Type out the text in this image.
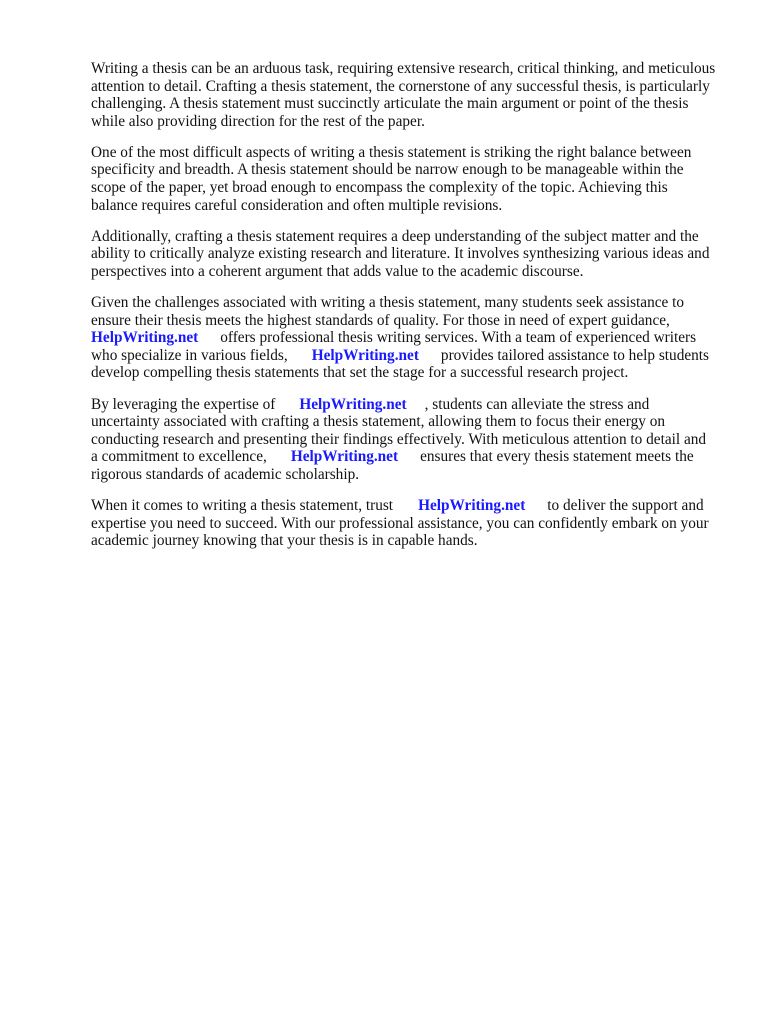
Writing a thesis can be an arduous task, requiring extensive research, critical thinking, and meticulous
attention to detail. Crafting a thesis statement, the cornerstone of any successful thesis, is particularly
challenging. A thesis statement must succinctly articulate the main argument or point of the thesis
while also providing direction for the rest of the paper.

One of the most difficult aspects of writing a thesis statement is striking the right balance between
specificity and breadth. A thesis statement should be narrow enough to be manageable within the
scope of the paper, yet broad enough to encompass the complexity of the topic. Achieving this
balance requires careful consideration and often multiple revisions.

Additionally, crafting a thesis statement requires a deep understanding of the subject matter and the
ability to critically analyze existing research and literature. It involves synthesizing various ideas and
perspectives into a coherent argument that adds value to the academic discourse.

Given the challenges associated with writing a thesis statement, many students seek assistance to
ensure their thesis meets the highest standards of quality. For those in need of expert guidance,
HelpWriting.net offers professional thesis writing services. With a team of experienced writers
who specialize in various fields, HelpWriting.net provides tailored assistance to help students
develop compelling thesis statements that set the stage for a successful research project.

By leveraging the expertise of HelpWriting.net , students can alleviate the stress and
uncertainty associated with crafting a thesis statement, allowing them to focus their energy on
conducting research and presenting their findings effectively. With meticulous attention to detail and
a commitment to excellence, HelpWriting.net ensures that every thesis statement meets the
rigorous standards of academic scholarship.

When it comes to writing a thesis statement, trust HelpWriting.net to deliver the support and
expertise you need to succeed. With our professional assistance, you can confidently embark on your
academic journey knowing that your thesis is in capable hands.
